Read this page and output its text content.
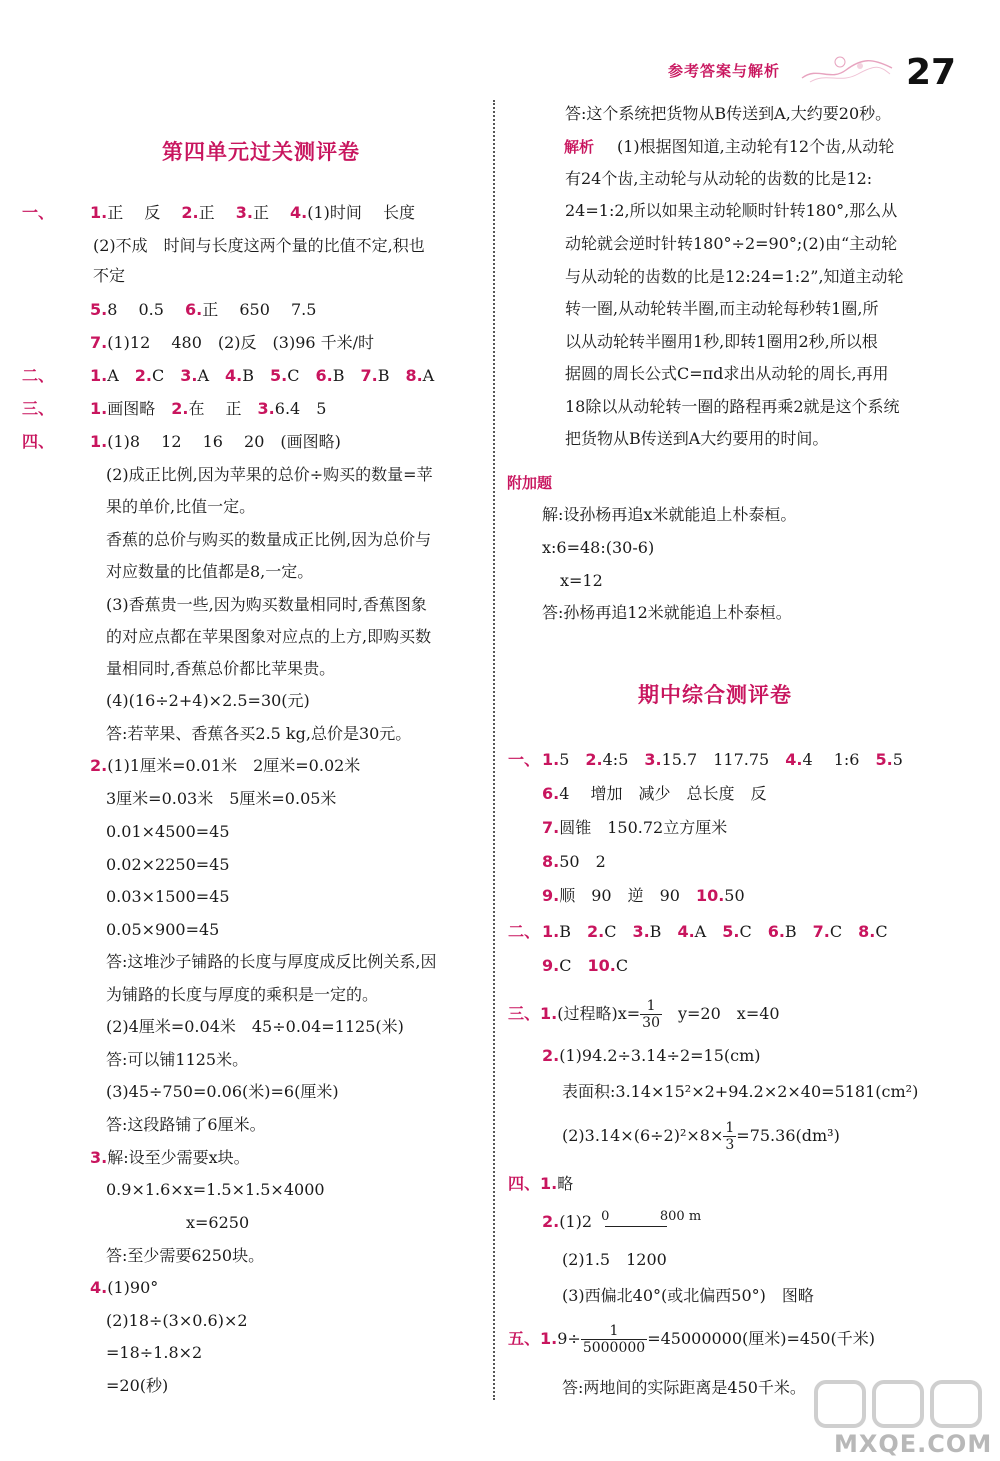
参考答案与解析	27
第四单元过关测评卷
一、 1.正　 反　 2.正　 3.正　 4.(1)时间　 长度
(2)不成　时间与长度这两个量的比值不定,积也
不定
5.8　 0.5　 6.正　 650　 7.5
7.(1)12　 480　(2)反　(3)96 千米/时
二、 1.A　2.C　3.A　4.B　5.C　6.B　7.B　8.A
三、 1.画图略　2.在　 正　3.6.4　5
四、 1.(1)8　 12　 16　 20　(画图略)
(2)成正比例,因为苹果的总价÷购买的数量=苹
果的单价,比值一定。
香蕉的总价与购买的数量成正比例,因为总价与
对应数量的比值都是8,一定。
(3)香蕉贵一些,因为购买数量相同时,香蕉图象
的对应点都在苹果图象对应点的上方,即购买数
量相同时,香蕉总价都比苹果贵。
(4)(16÷2+4)×2.5=30(元)
答:若苹果、香蕉各买2.5 kg,总价是30元。
2.(1)1厘米=0.01米　2厘米=0.02米
3厘米=0.03米　5厘米=0.05米
0.01×4500=45
0.02×2250=45
0.03×1500=45
0.05×900=45
答:这堆沙子铺路的长度与厚度成反比例关系,因
为铺路的长度与厚度的乘积是一定的。
(2)4厘米=0.04米　45÷0.04=1125(米)
答:可以铺1125米。
(3)45÷750=0.06(米)=6(厘米)
答:这段路铺了6厘米。
3.解:设至少需要x块。
0.9×1.6×x=1.5×1.5×4000
x=6250
答:至少需要6250块。
4.(1)90°
(2)18÷(3×0.6)×2
=18÷1.8×2
=20(秒)
答:这个系统把货物从B传送到A,大约要20秒。
解析 (1)根据图知道,主动轮有12个齿,从动轮
有24个齿,主动轮与从动轮的齿数的比是12:
24=1:2,所以如果主动轮顺时针转180°,那么从
动轮就会逆时针转180°÷2=90°;(2)由“主动轮
与从动轮的齿数的比是12:24=1:2”,知道主动轮
转一圈,从动轮转半圈,而主动轮每秒转1圈,所
以从动轮转半圈用1秒,即转1圈用2秒,所以根
据圆的周长公式C=πd求出从动轮的周长,再用
18除以从动轮转一圈的路程再乘2就是这个系统
把货物从B传送到A大约要用的时间。
附加题
解:设孙杨再追x米就能追上朴泰桓。
x:6=48:(30-6)
x=12
答:孙杨再追12米就能追上朴泰桓。
期中综合测评卷
一、 1.5　2.4:5　3.15.7　117.75　4.4　 1:6　5.5
6.4　 增加　减少　总长度　反
7.圆锥　150.72立方厘米
8.50　2
9.顺　90　逆　90　10.50
二、 1.B　2.C　3.B　4.A　5.C　6.B　7.C　8.C
9.C　10.C
三、1.(过程略)$x= \frac{1}{30}$ 　y=20　x=40
2.(1)94.2÷3.14÷2=15(cm)
表面积:3.14×15²×2+94.2×2×40=5181(cm²)
$(2)3.14\times(6\div 2)^2\times 8\times \frac{1}{3} =75.36(dm^3)$
四、1.略
2.(1)2 0	800 m
(2)1.5　1200
(3)西偏北40°(或北偏西50°)　图略
五、$1.9\div \frac{1}{5000000} =45000000$(厘米)=450(千米)
答:两地间的实际距离是450千米。
MXQE.COM
